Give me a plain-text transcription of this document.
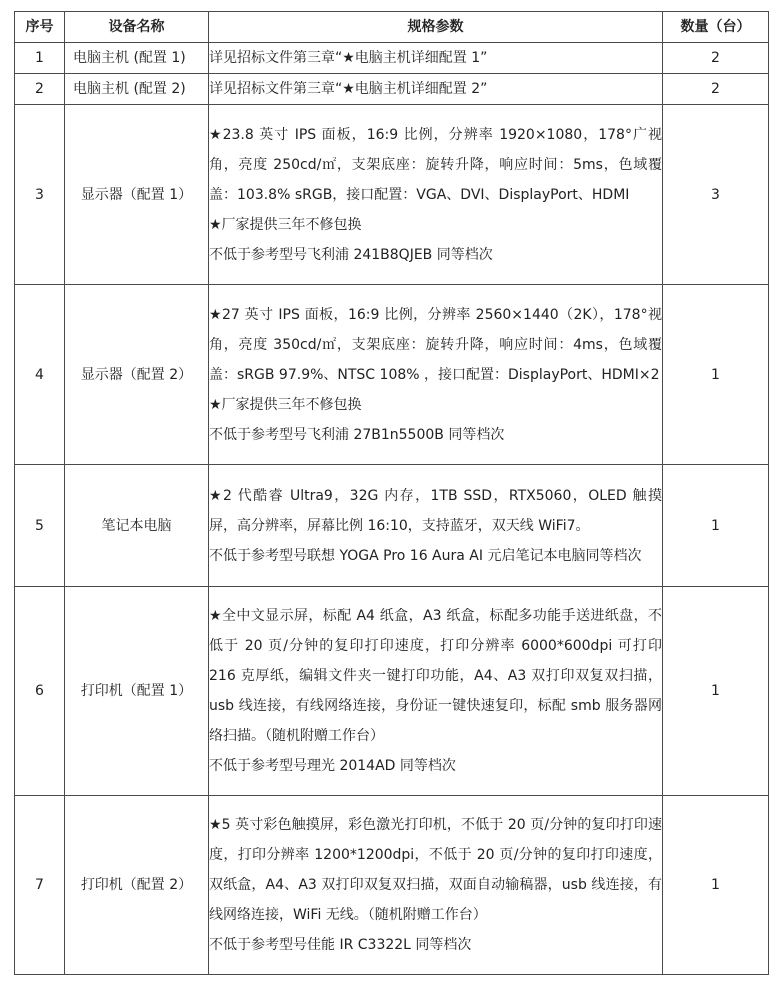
序号	设备名称	规格参数	数量（台）
1	电脑主机 (配置 1)	详见招标文件第三章“★电脑主机详细配置 1”	2
2	电脑主机 (配置 2)	详见招标文件第三章“★电脑主机详细配置 2”	2
3	显示器（配置 1）	★23.8 英寸 IPS 面板，16:9 比例，分辨率 1920×1080，178°广视角，亮度 250cd/㎡，支架底座：旋转升降，响应时间：5ms，色域覆盖：103.8% sRGB，接口配置：VGA、DVI、DisplayPort、HDMI
★厂家提供三年不修包换
不低于参考型号飞利浦 241B8QJEB 同等档次	3
4	显示器（配置 2）	★27 英寸 IPS 面板，16:9 比例，分辨率 2560×1440（2K），178°视角，亮度 350cd/㎡，支架底座：旋转升降，响应时间：4ms，色域覆盖：sRGB 97.9%、NTSC 108% ，接口配置：DisplayPort、HDMI×2
★厂家提供三年不修包换
不低于参考型号飞利浦 27B1n5500B 同等档次	1
5	笔记本电脑	★2 代酷睿 Ultra9，32G 内存，1TB SSD，RTX5060，OLED 触摸屏，高分辨率，屏幕比例 16:10，支持蓝牙，双天线 WiFi7。
不低于参考型号联想 YOGA Pro 16 Aura AI 元启笔记本电脑同等档次	1
6	打印机（配置 1）	★全中文显示屏，标配 A4 纸盒，A3 纸盒，标配多功能手送进纸盘，不低于 20 页/分钟的复印打印速度，打印分辨率 6000*600dpi 可打印 216 克厚纸，编辑文件夹一键打印功能，A4、A3 双打印双复双扫描，usb 线连接，有线网络连接，身份证一键快速复印，标配 smb 服务器网络扫描。（随机附赠工作台）
不低于参考型号理光 2014AD 同等档次	1
7	打印机（配置 2）	★5 英寸彩色触摸屏，彩色激光打印机，不低于 20 页/分钟的复印打印速度，打印分辨率 1200*1200dpi，不低于 20 页/分钟的复印打印速度，双纸盒，A4、A3 双打印双复双扫描，双面自动输稿器，usb 线连接，有线网络连接，WiFi 无线。（随机附赠工作台）
不低于参考型号佳能 IR C3322L 同等档次	1
